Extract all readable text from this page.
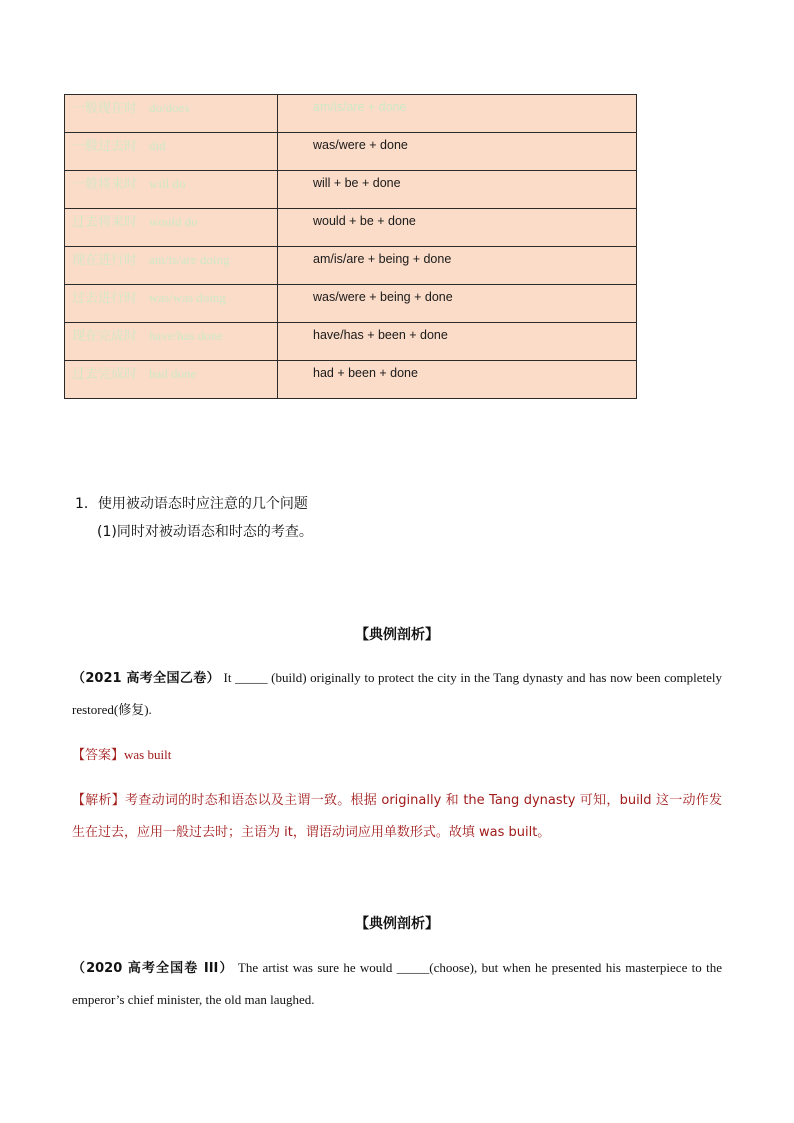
一般现在时 do/does	am/is/are + done

一般过去时 did	was/were + done

一般将来时 will do	will + be + done

过去将来时 would do	would + be + done

现在进行时 am/is/are doing	am/is/are + being + done

过去进行时 was/was doing	was/were + being + done

现在完成时 have/has done	have/has + been + done

过去完成时 had done	had + been + done
1．使用被动语态时应注意的几个问题
(1)同时对被动语态和时态的考查。
【典例剖析】
（2021 高考全国乙卷） It _____ (build) originally to protect the city in the Tang dynasty and has now been completely restored(修复).
【答案】was built
【解析】考查动词的时态和语态以及主谓一致。根据 originally 和 the Tang dynasty 可知，build 这一动作发生在过去，应用一般过去时；主语为 it，谓语动词应用单数形式。故填 was built。
【典例剖析】
（2020 高考全国卷 III） The artist was sure he would _____(choose), but when he presented his masterpiece to the emperor’s chief minister, the old man laughed.
